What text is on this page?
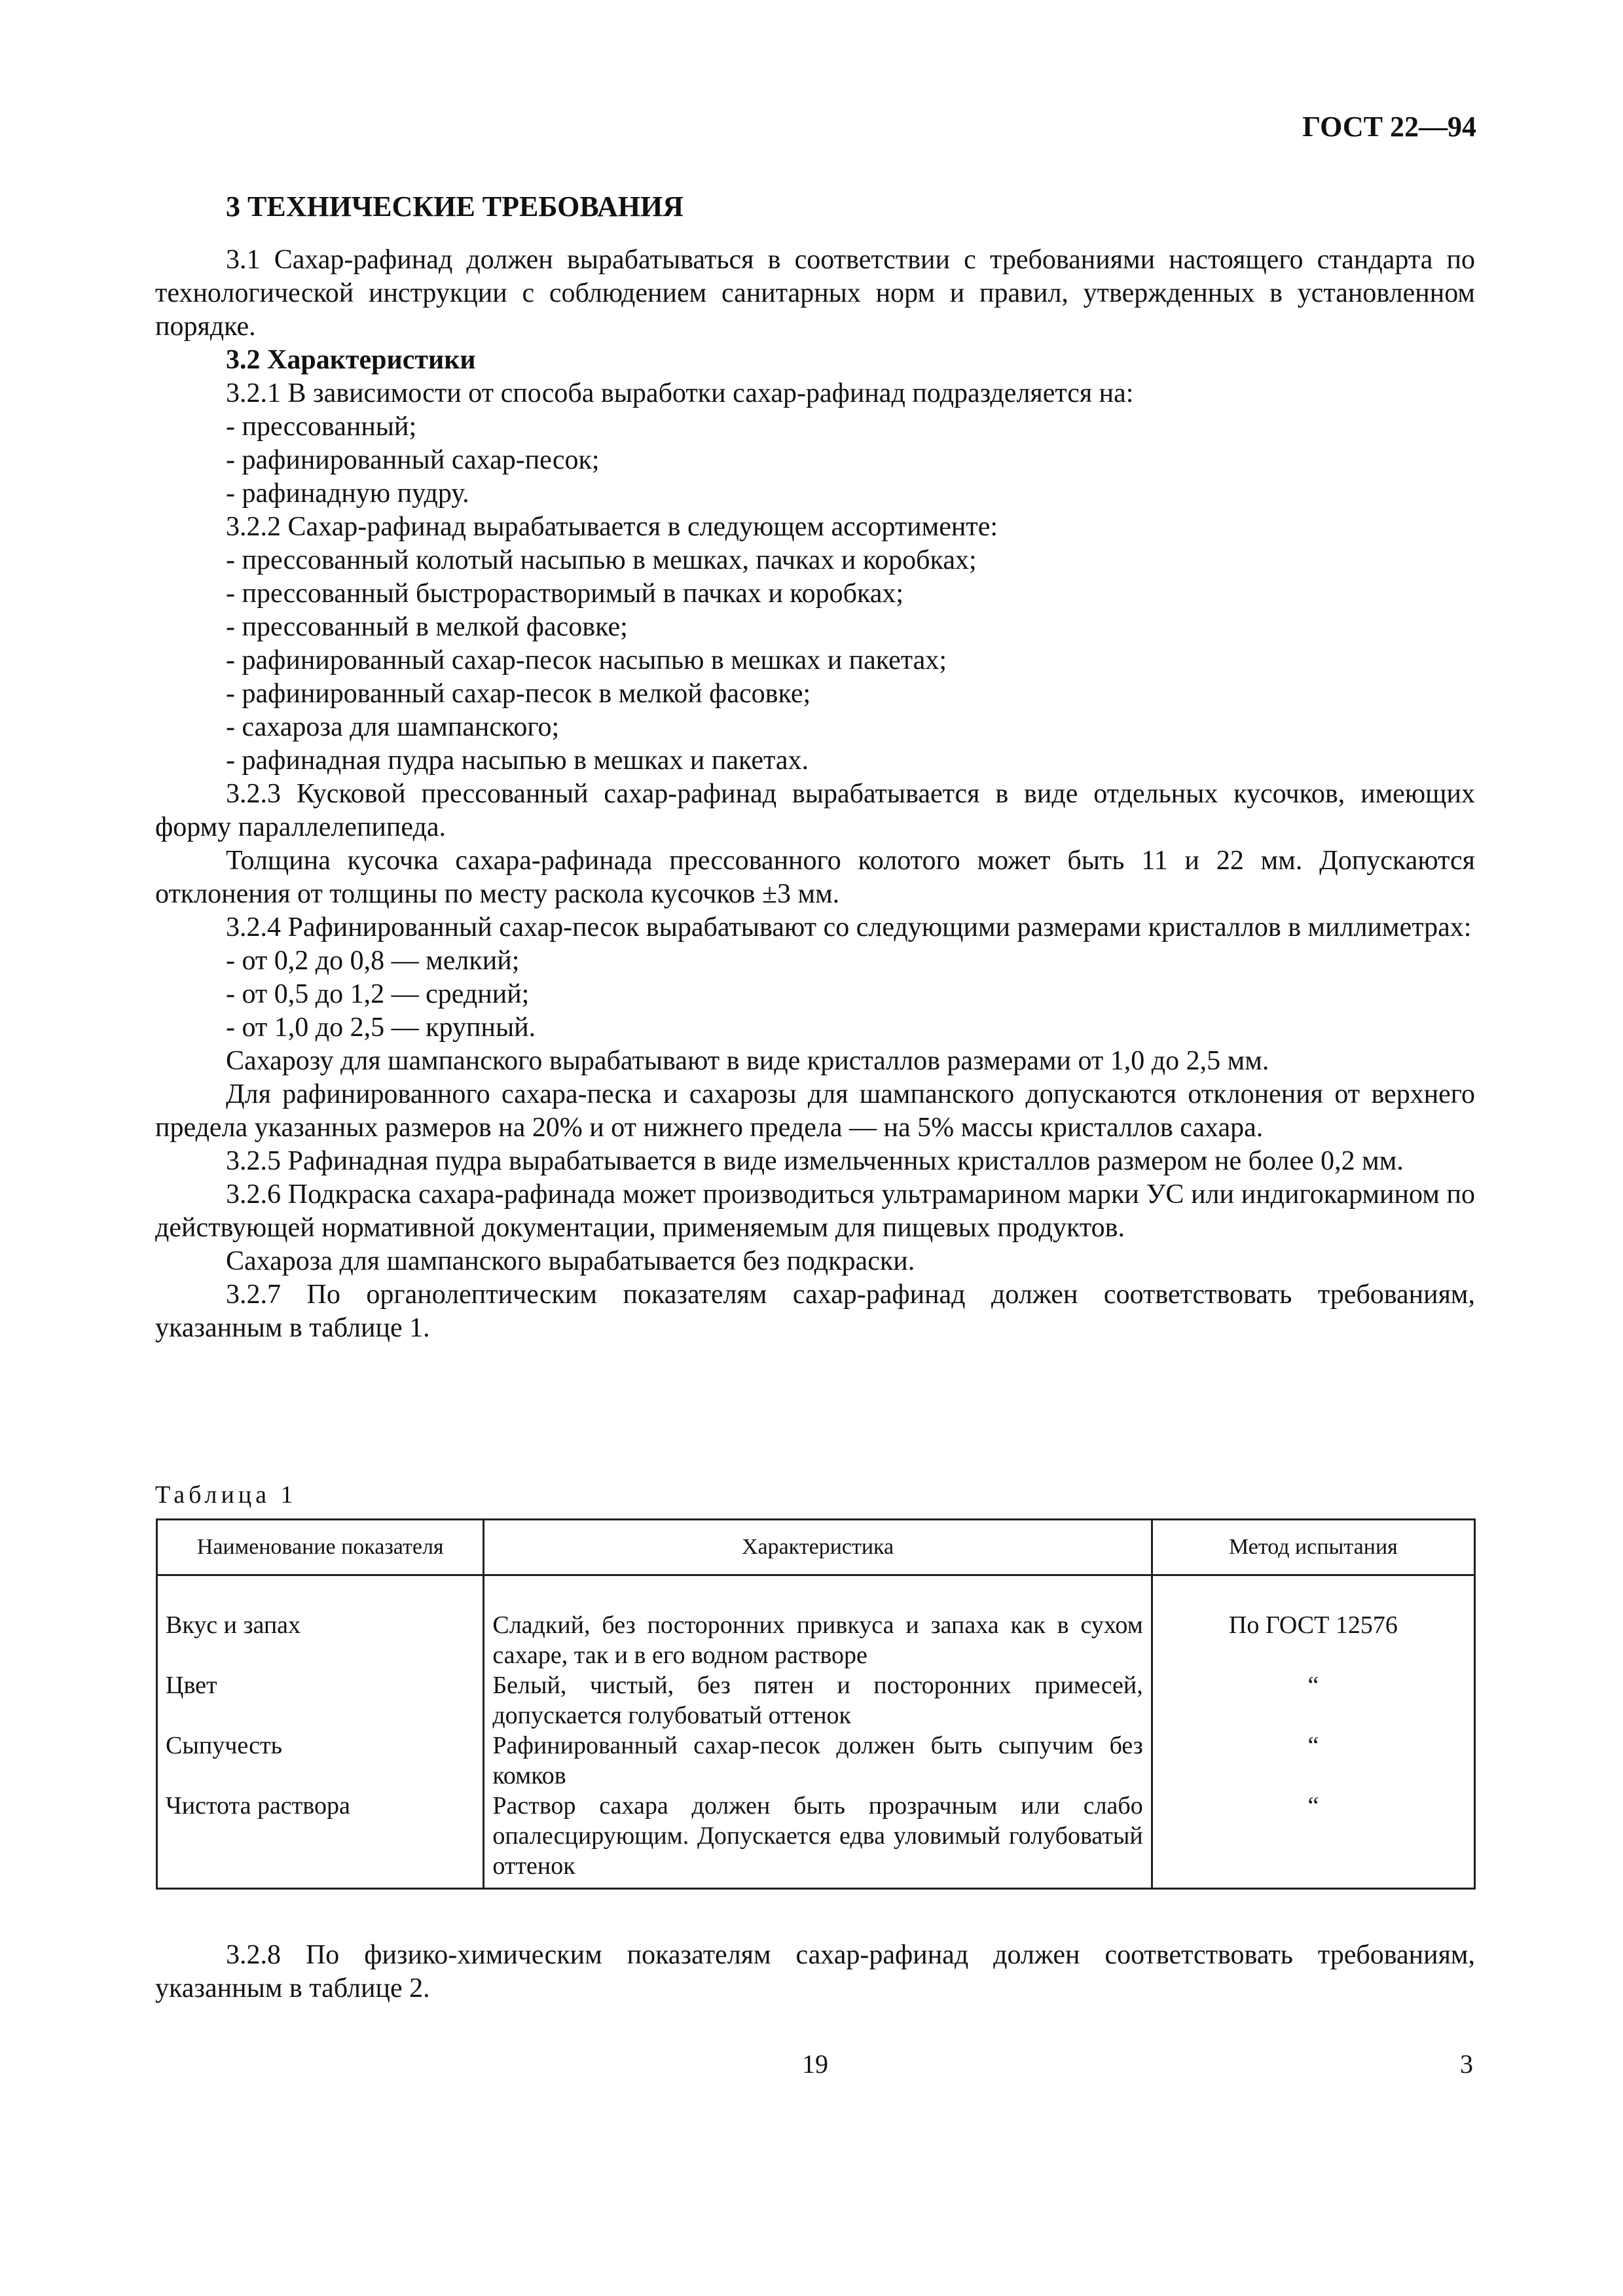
ГОСТ 22—94
3 ТЕХНИЧЕСКИЕ ТРЕБОВАНИЯ

3.1 Сахар-рафинад должен вырабатываться в соответствии с требованиями настоящего стандарта по технологической инструкции с соблюдением санитарных норм и правил, утвержденных в установленном порядке.

3.2 Характеристики

3.2.1 В зависимости от способа выработки сахар-рафинад подразделяется на:

- прессованный;

- рафинированный сахар-песок;

- рафинадную пудру.

3.2.2 Сахар-рафинад вырабатывается в следующем ассортименте:

- прессованный колотый насыпью в мешках, пачках и коробках;

- прессованный быстрорастворимый в пачках и коробках;

- прессованный в мелкой фасовке;

- рафинированный сахар-песок насыпью в мешках и пакетах;

- рафинированный сахар-песок в мелкой фасовке;

- сахароза для шампанского;

- рафинадная пудра насыпью в мешках и пакетах.

3.2.3 Кусковой прессованный сахар-рафинад вырабатывается в виде отдельных кусочков, имеющих форму параллелепипеда.

Толщина кусочка сахара-рафинада прессованного колотого может быть 11 и 22 мм. Допускаются отклонения от толщины по месту раскола кусочков ±3 мм.

3.2.4 Рафинированный сахар-песок вырабатывают со следующими размерами кристаллов в миллиметрах:

- от 0,2 до 0,8 — мелкий;

- от 0,5 до 1,2 — средний;

- от 1,0 до 2,5 — крупный.

Сахарозу для шампанского вырабатывают в виде кристаллов размерами от 1,0 до 2,5 мм.

Для рафинированного сахара-песка и сахарозы для шампанского допускаются отклонения от верхнего предела указанных размеров на 20% и от нижнего предела — на 5% массы кристаллов сахара.

3.2.5 Рафинадная пудра вырабатывается в виде измельченных кристаллов размером не более 0,2 мм.

3.2.6 Подкраска сахара-рафинада может производиться ультрамарином марки УС или индигокармином по действующей нормативной документации, применяемым для пищевых продуктов.

Сахароза для шампанского вырабатывается без подкраски.

3.2.7 По органолептическим показателям сахар-рафинад должен соответствовать требованиям, указанным в таблице 1.

Таблица 1
Наименование показателя	Характеристика	Метод испытания
Вкус и запах	Сладкий, без посторонних привкуса и запаха как в сухом сахаре, так и в его водном растворе	По ГОСТ 12576
Цвет	Белый, чистый, без пятен и посторонних примесей, допускается голубоватый оттенок	“
Сыпучесть	Рафинированный сахар-песок должен быть сыпучим без комков	“
Чистота раствора	Раствор сахара должен быть прозрачным или слабо опалесцирующим. Допускается едва уловимый голубоватый оттенок	“

3.2.8 По физико-химическим показателям сахар-рафинад должен соответствовать требованиям, указанным в таблице 2.

19	3
